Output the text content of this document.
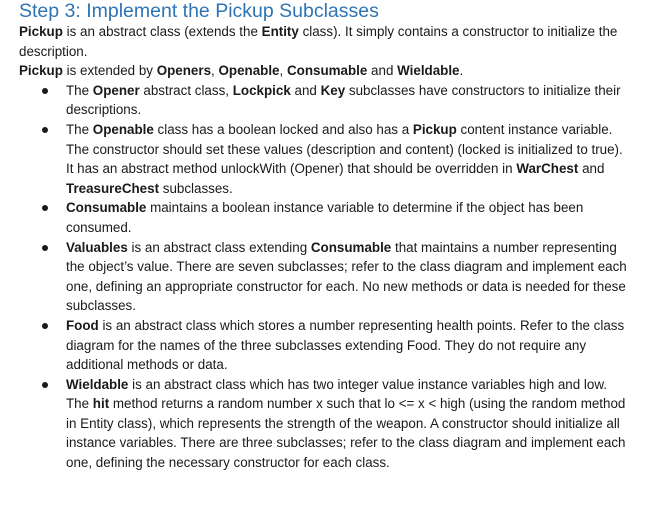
Step 3: Implement the Pickup Subclasses

Pickup is an abstract class (extends the Entity class). It simply contains a constructor to initialize the description.

Pickup is extended by Openers, Openable, Consumable and Wieldable.

The Opener abstract class, Lockpick and Key subclasses have constructors to initialize their descriptions.
The Openable class has a boolean locked and also has a Pickup content instance variable. The constructor should set these values (description and content) (locked is initialized to true). It has an abstract method unlockWith (Opener) that should be overridden in WarChest and TreasureChest subclasses.
Consumable maintains a boolean instance variable to determine if the object has been consumed.
Valuables is an abstract class extending Consumable that maintains a number representing the object’s value. There are seven subclasses; refer to the class diagram and implement each one, defining an appropriate constructor for each. No new methods or data is needed for these subclasses.
Food is an abstract class which stores a number representing health points. Refer to the class diagram for the names of the three subclasses extending Food. They do not require any additional methods or data.
Wieldable is an abstract class which has two integer value instance variables high and low. The hit method returns a random number x such that lo <= x < high (using the random method in Entity class), which represents the strength of the weapon. A constructor should initialize all instance variables. There are three subclasses; refer to the class diagram and implement each one, defining the necessary constructor for each class.
